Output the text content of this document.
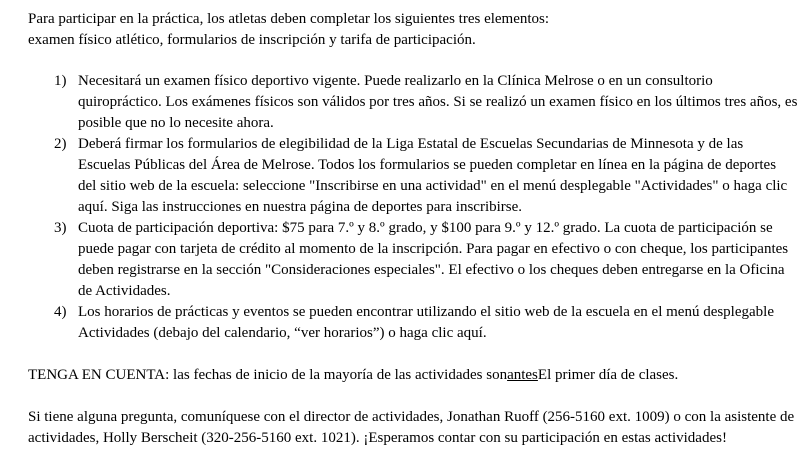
Para participar en la práctica, los atletas deben completar los siguientes tres elementos:

examen físico atlético, formularios de inscripción y tarifa de participación.

1) Necesitará un examen físico deportivo vigente. Puede realizarlo en la Clínica Melrose o en un consultorio quiropráctico. Los exámenes físicos son válidos por tres años. Si se realizó un examen físico en los últimos tres años, es posible que no lo necesite ahora.
2) Deberá firmar los formularios de elegibilidad de la Liga Estatal de Escuelas Secundarias de Minnesota y de las Escuelas Públicas del Área de Melrose. Todos los formularios se pueden completar en línea en la página de deportes del sitio web de la escuela: seleccione "Inscribirse en una actividad" en el menú desplegable "Actividades" o haga clic aquí. Siga las instrucciones en nuestra página de deportes para inscribirse.
3) Cuota de participación deportiva: $75 para 7.º y 8.º grado, y $100 para 9.º y 12.º grado. La cuota de participación se puede pagar con tarjeta de crédito al momento de la inscripción. Para pagar en efectivo o con cheque, los participantes deben registrarse en la sección "Consideraciones especiales". El efectivo o los cheques deben entregarse en la Oficina de Actividades.
4) Los horarios de prácticas y eventos se pueden encontrar utilizando el sitio web de la escuela en el menú desplegable Actividades (debajo del calendario, “ver horarios”) o haga clic aquí.

TENGA EN CUENTA: las fechas de inicio de la mayoría de las actividades sonantesEl primer día de clases.

Si tiene alguna pregunta, comuníquese con el director de actividades, Jonathan Ruoff (256-5160 ext. 1009) o con la asistente de actividades, Holly Berscheit (320-256-5160 ext. 1021). ¡Esperamos contar con su participación en estas actividades!
